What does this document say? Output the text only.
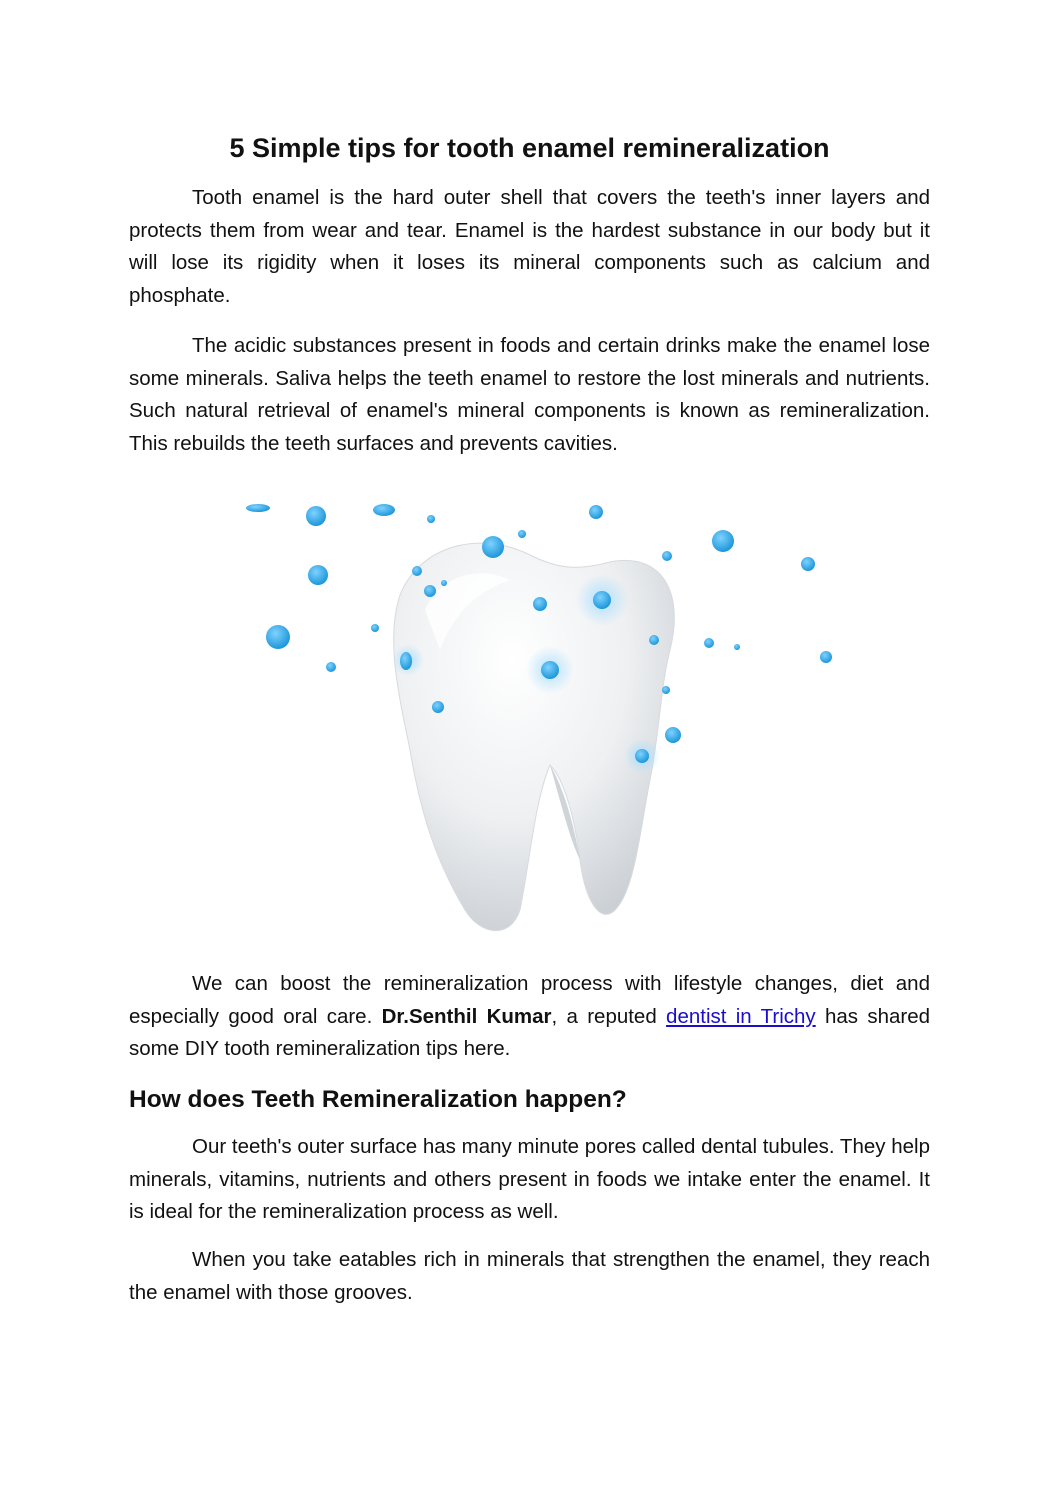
5 Simple tips for tooth enamel remineralization

Tooth enamel is the hard outer shell that covers the teeth's inner layers and protects them from wear and tear. Enamel is the hardest substance in our body but it will lose its rigidity when it loses its mineral components such as calcium and phosphate.

The acidic substances present in foods and certain drinks make the enamel lose some minerals. Saliva helps the teeth enamel to restore the lost minerals and nutrients. Such natural retrieval of enamel's mineral components is known as remineralization. This rebuilds the teeth surfaces and prevents cavities.

We can boost the remineralization process with lifestyle changes, diet and especially good oral care. Dr.Senthil Kumar, a reputed dentist in Trichy has shared some DIY tooth remineralization tips here.

How does Teeth Remineralization happen?

Our teeth's outer surface has many minute pores called dental tubules. They help minerals, vitamins, nutrients and others present in foods we intake enter the enamel. It is ideal for the remineralization process as well.

When you take eatables rich in minerals that strengthen the enamel, they reach the enamel with those grooves.
